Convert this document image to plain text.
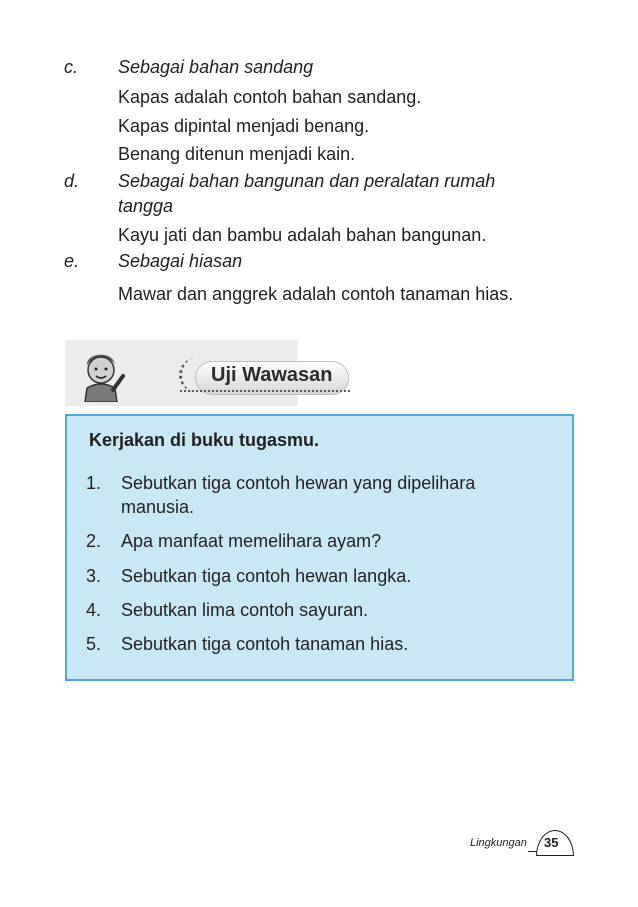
c. Sebagai bahan sandang
Kapas adalah contoh bahan sandang.
Kapas dipintal menjadi benang.
Benang ditenun menjadi kain.
d. Sebagai bahan bangunan dan peralatan rumah
tangga
Kayu jati dan bambu adalah bahan bangunan.
e. Sebagai hiasan
Mawar dan anggrek adalah contoh tanaman hias.
Uji Wawasan
Kerjakan di buku tugasmu.
1. Sebutkan tiga contoh hewan yang dipelihara
manusia.
2. Apa manfaat memelihara ayam?
3. Sebutkan tiga contoh hewan langka.
4. Sebutkan lima contoh sayuran.
5. Sebutkan tiga contoh tanaman hias.
Lingkungan 35
